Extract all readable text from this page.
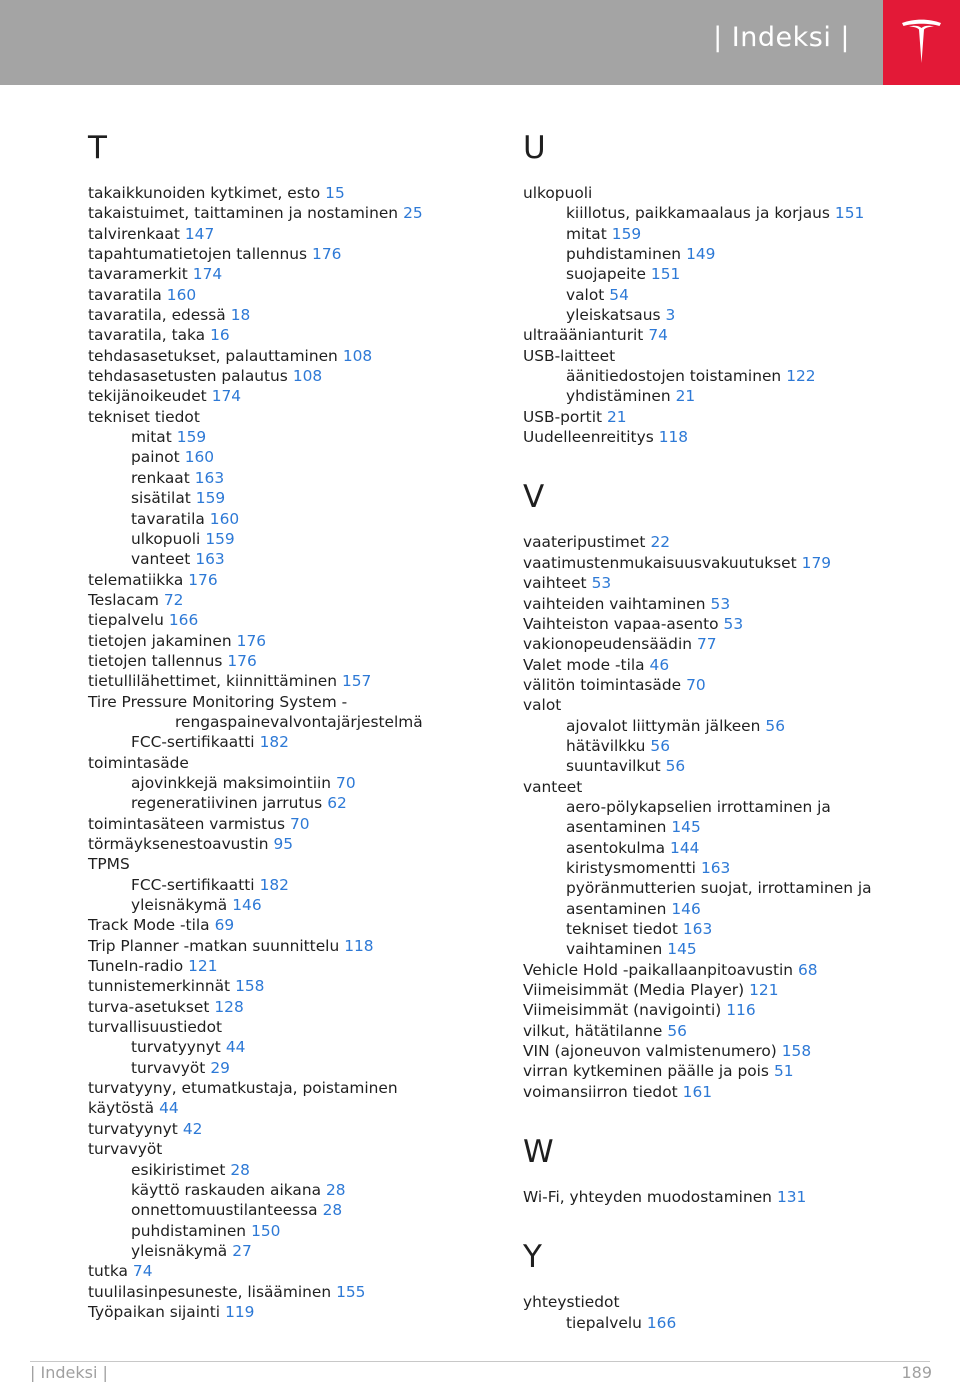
| Indeksi |
T
takaikkunoiden kytkimet, esto 15
takaistuimet, taittaminen ja nostaminen 25
talvirenkaat 147
tapahtumatietojen tallennus 176
tavaramerkit 174
tavaratila 160
tavaratila, edessä 18
tavaratila, taka 16
tehdasasetukset, palauttaminen 108
tehdasasetusten palautus 108
tekijänoikeudet 174
tekniset tiedot
mitat 159
painot 160
renkaat 163
sisätilat 159
tavaratila 160
ulkopuoli 159
vanteet 163
telematiikka 176
Teslacam 72
tiepalvelu 166
tietojen jakaminen 176
tietojen tallennus 176
tietullilähettimet, kiinnittäminen 157
Tire Pressure Monitoring System -
rengaspainevalvontajärjestelmä
FCC-sertifikaatti 182
toimintasäde
ajovinkkejä maksimointiin 70
regeneratiivinen jarrutus 62
toimintasäteen varmistus 70
törmäyksenestoavustin 95
TPMS
FCC-sertifikaatti 182
yleisnäkymä 146
Track Mode -tila 69
Trip Planner -matkan suunnittelu 118
TuneIn-radio 121
tunnistemerkinnät 158
turva-asetukset 128
turvallisuustiedot
turvatyynyt 44
turvavyöt 29
turvatyyny, etumatkustaja, poistaminen
käytöstä 44
turvatyynyt 42
turvavyöt
esikiristimet 28
käyttö raskauden aikana 28
onnettomuustilanteessa 28
puhdistaminen 150
yleisnäkymä 27
tutka 74
tuulilasinpesuneste, lisääminen 155
Työpaikan sijainti 119
U
ulkopuoli
kiillotus, paikkamaalaus ja korjaus 151
mitat 159
puhdistaminen 149
suojapeite 151
valot 54
yleiskatsaus 3
ultraäänianturit 74
USB-laitteet
äänitiedostojen toistaminen 122
yhdistäminen 21
USB-portit 21
Uudelleenreititys 118
V
vaateripustimet 22
vaatimustenmukaisuusvakuutukset 179
vaihteet 53
vaihteiden vaihtaminen 53
Vaihteiston vapaa-asento 53
vakionopeudensäädin 77
Valet mode -tila 46
välitön toimintasäde 70
valot
ajovalot liittymän jälkeen 56
hätävilkku 56
suuntavilkut 56
vanteet
aero-pölykapselien irrottaminen ja
asentaminen 145
asentokulma 144
kiristysmomentti 163
pyöränmutterien suojat, irrottaminen ja
asentaminen 146
tekniset tiedot 163
vaihtaminen 145
Vehicle Hold -paikallaanpitoavustin 68
Viimeisimmät (Media Player) 121
Viimeisimmät (navigointi) 116
vilkut, hätätilanne 56
VIN (ajoneuvon valmistenumero) 158
virran kytkeminen päälle ja pois 51
voimansiirron tiedot 161
W
Wi-Fi, yhteyden muodostaminen 131
Y
yhteystiedot
tiepalvelu 166
| Indeksi |	189
